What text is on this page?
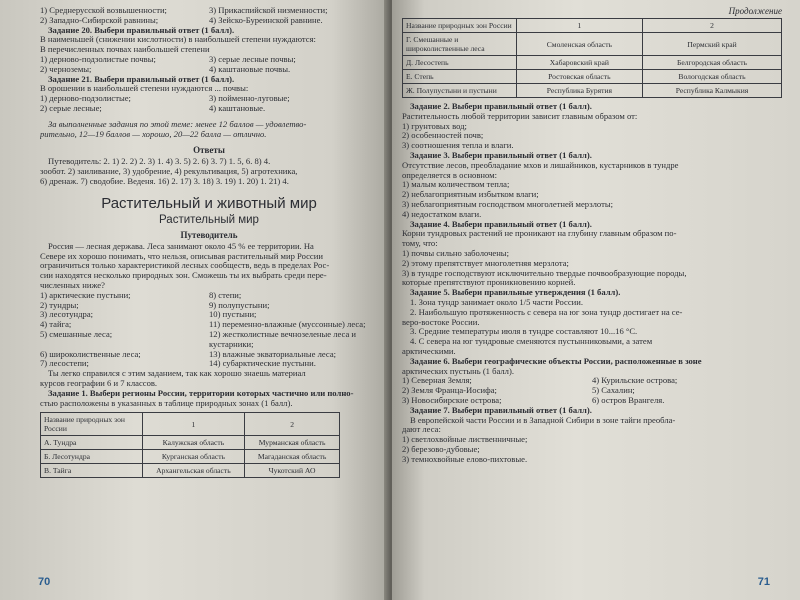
1) Среднерусской возвышенности;	3) Прикаспийской низменности;
2) Западно-Сибирской равнины;	4) Зейско-Буреинской равнине.
Задание 20. Выбери правильный ответ (1 балл).
В наименьшей (снижении кислотности) в наибольшей степени нуждаются:
В перечисленных почвах наибольшей степени
1) дерново-подзолистые почвы;	3) серые лесные почвы;
2) черноземы;	4) каштановые почвы.
Задание 21. Выбери правильный ответ (1 балл).
В орошении в наибольшей степени нуждаются ... почвы:
1) дерново-подзолистые;	3) пойменно-луговые;
2) серые лесные;	4) каштановые.
За выполненные задания по этой теме: менее 12 баллов — удовлетво-
рительно, 12—19 баллов — хорошо, 20—22 балла — отлично.
Ответы
Путеводитель: 2. 1) 2. 2) 2. 3) 1. 4) 3. 5) 2. 6) 3. 7) 1. 5, 6. 8) 4.
зообот. 2) заиливание, 3) удобрение, 4) рекультивация, 5) агротехника,
6) дренаж. 7) сводобие. Веденя. 16) 2. 17) 3. 18) 3. 19) 1. 20) 1. 21) 4.
Растительный и животный мир
Растительный мир
Путеводитель
Россия — лесная держава. Леса занимают около 45 % ее территории. На
Севере их хорошо понимать, что нельзя, описывая растительный мир России
ограничиться только характеристикой лесных сообществ, ведь в пределах Рос-
сии находятся несколько природных зон. Сможешь ты их выбрать среди пере-
численных ниже?
1) арктические пустыни;	8) степи;
2) тундры;	9) полупустыни;
3) лесотундра;	10) пустыни;
4) тайга;	11) переменно-влажные (муссонные) леса;
5) смешанные леса;	12) жестколистные вечнозеленые леса и
кустарники;
6) широколиственные леса;	13) влажные экваториальные леса;
7) лесостепи;	14) субарктические пустыни.
Ты легко справился с этим заданием, так как хорошо знаешь материал
курсов географии 6 и 7 классов.
Задание 1. Выбери регионы России, территории которых частично или полно-
стью расположены в указанных в таблице природных зонах (1 балл).
Название природных зон России	1	2
А. Тундра	Калужская область	Мурманская область
Б. Лесотундра	Курганская область	Магаданская область
В. Тайга	Архангельская область	Чукотский АО
70
Продолжение
Название природных зон России	1	2
Г. Смешанные и широколиственные леса	Смоленская область	Пермский край
Д. Лесостепь	Хабаровский край	Белгородская область
Е. Степь	Ростовская область	Вологодская область
Ж. Полупустыни и пустыни	Республика Бурятия	Республика Калмыкия
Задание 2. Выбери правильный ответ (1 балл).
Растительность любой территории зависит главным образом от:
1) грунтовых вод;
2) особенностей почв;
3) соотношения тепла и влаги.
Задание 3. Выбери правильный ответ (1 балл).
Отсутствие лесов, преобладание мхов и лишайников, кустарников в тундре
определяется в основном:
1) малым количеством тепла;
2) неблагоприятным избытком влаги;
3) неблагоприятным господством многолетней мерзлоты;
4) недостатком влаги.
Задание 4. Выбери правильный ответ (1 балл).
Корни тундровых растений не проникают на глубину главным образом по-
тому, что:
1) почвы сильно заболочены;
2) этому препятствует многолетняя мерзлота;
3) в тундре господствуют исключительно твердые почвообразующие породы,
которые препятствуют проникновению корней.
Задание 5. Выбери правильные утверждения (1 балл).
1. Зона тундр занимает около 1/5 части России.
2. Наибольшую протяженность с севера на юг зона тундр достигает на се-
веро-востоке России.
3. Средние температуры июля в тундре составляют 10...16 °С.
4. С севера на юг тундровые сменяются пустынниковыми, а затем
арктическими.
Задание 6. Выбери географические объекты России, расположенные в зоне
арктических пустынь (1 балл).
1) Северная Земля;	4) Курильские острова;
2) Земля Франца-Иосифа;	5) Сахалин;
3) Новосибирские острова;	6) остров Врангеля.
Задание 7. Выбери правильный ответ (1 балл).
В европейской части России и в Западной Сибири в зоне тайги преобла-
дают леса:
1) светлохвойные лиственничные;
2) березово-дубовые;
3) темнохвойные елово-пихтовые.
71
